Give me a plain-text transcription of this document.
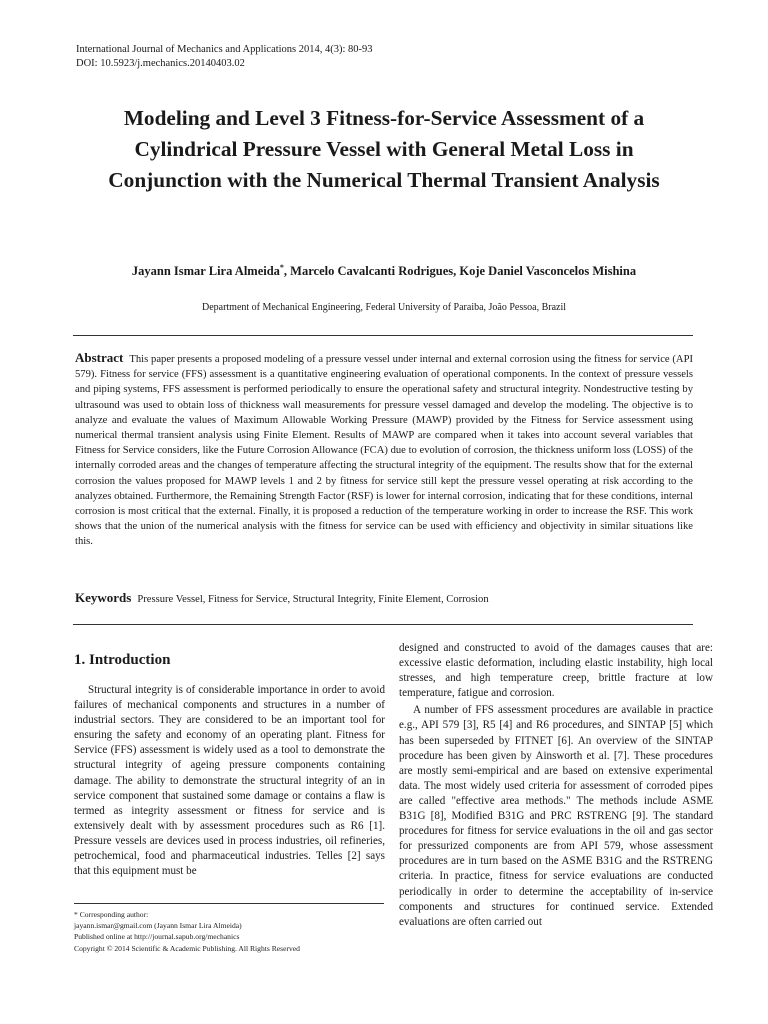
International Journal of Mechanics and Applications 2014, 4(3): 80-93
DOI: 10.5923/j.mechanics.20140403.02
Modeling and Level 3 Fitness-for-Service Assessment of a Cylindrical Pressure Vessel with General Metal Loss in Conjunction with the Numerical Thermal Transient Analysis
Jayann Ismar Lira Almeida*, Marcelo Cavalcanti Rodrigues, Koje Daniel Vasconcelos Mishina
Department of Mechanical Engineering, Federal University of Paraiba, João Pessoa, Brazil

Abstract This paper presents a proposed modeling of a pressure vessel under internal and external corrosion using the fitness for service (API 579). Fitness for service (FFS) assessment is a quantitative engineering evaluation of operational components. In the context of pressure vessels and piping systems, FFS assessment is performed periodically to ensure the operational safety and structural integrity. Nondestructive testing by ultrasound was used to obtain loss of thickness wall measurements for pressure vessel damaged and develop the modeling. The objective is to analyze and evaluate the values of Maximum Allowable Working Pressure (MAWP) provided by the Fitness for Service assessment using numerical thermal transient analysis using Finite Element. Results of MAWP are compared when it takes into account several variables that Fitness for Service considers, like the Future Corrosion Allowance (FCA) due to evolution of corrosion, the thickness uniform loss (LOSS) of the internally corroded areas and the changes of temperature affecting the structural integrity of the equipment. The results show that for the external corrosion the values proposed for MAWP levels 1 and 2 by fitness for service still kept the pressure vessel operating at risk according to the analyzes obtained. Furthermore, the Remaining Strength Factor (RSF) is lower for internal corrosion, indicating that for these conditions, internal corrosion is most critical that the external. Finally, it is proposed a reduction of the temperature working in order to increase the RSF. This work shows that the union of the numerical analysis with the fitness for service can be used with efficiency and objectivity in similar situations like this.

Keywords Pressure Vessel, Fitness for Service, Structural Integrity, Finite Element, Corrosion
1. Introduction

Structural integrity is of considerable importance in order to avoid failures of mechanical components and structures in a number of industrial sectors. They are considered to be an important tool for ensuring the safety and economy of an operating plant. Fitness for Service (FFS) assessment is widely used as a tool to demonstrate the structural integrity of ageing pressure components containing damage. The ability to demonstrate the structural integrity of an in service component that sustained some damage or contains a flaw is termed as integrity assessment or fitness for service and is extensively dealt with by assessment procedures such as R6 [1]. Pressure vessels are devices used in process industries, oil refineries, petrochemical, food and pharmaceutical industries. Telles [2] says that this equipment must be

designed and constructed to avoid of the damages causes that are: excessive elastic deformation, including elastic instability, high local stresses, and high temperature creep, brittle fracture at low temperature, fatigue and corrosion.

A number of FFS assessment procedures are available in practice e.g., API 579 [3], R5 [4] and R6 procedures, and SINTAP [5] which has been superseded by FITNET [6]. An overview of the SINTAP procedure has been given by Ainsworth et al. [7]. These procedures are mostly semi-empirical and are based on extensive experimental data. The most widely used criteria for assessment of corroded pipes are called "effective area methods." The methods include ASME B31G [8], Modified B31G and PRC RSTRENG [9]. The standard procedures for fitness for service evaluations in the oil and gas sector for pressurized components are from API 579, whose assessment procedures are in turn based on the ASME B31G and the RSTRENG criteria. In practice, fitness for service evaluations are conducted periodically in order to determine the acceptability of in-service components and structures for continued service. Extended evaluations are often carried out

* Corresponding author:
jayann.ismar@gmail.com (Jayann Ismar Lira Almeida)
Published online at http://journal.sapub.org/mechanics
Copyright © 2014 Scientific & Academic Publishing. All Rights Reserved
